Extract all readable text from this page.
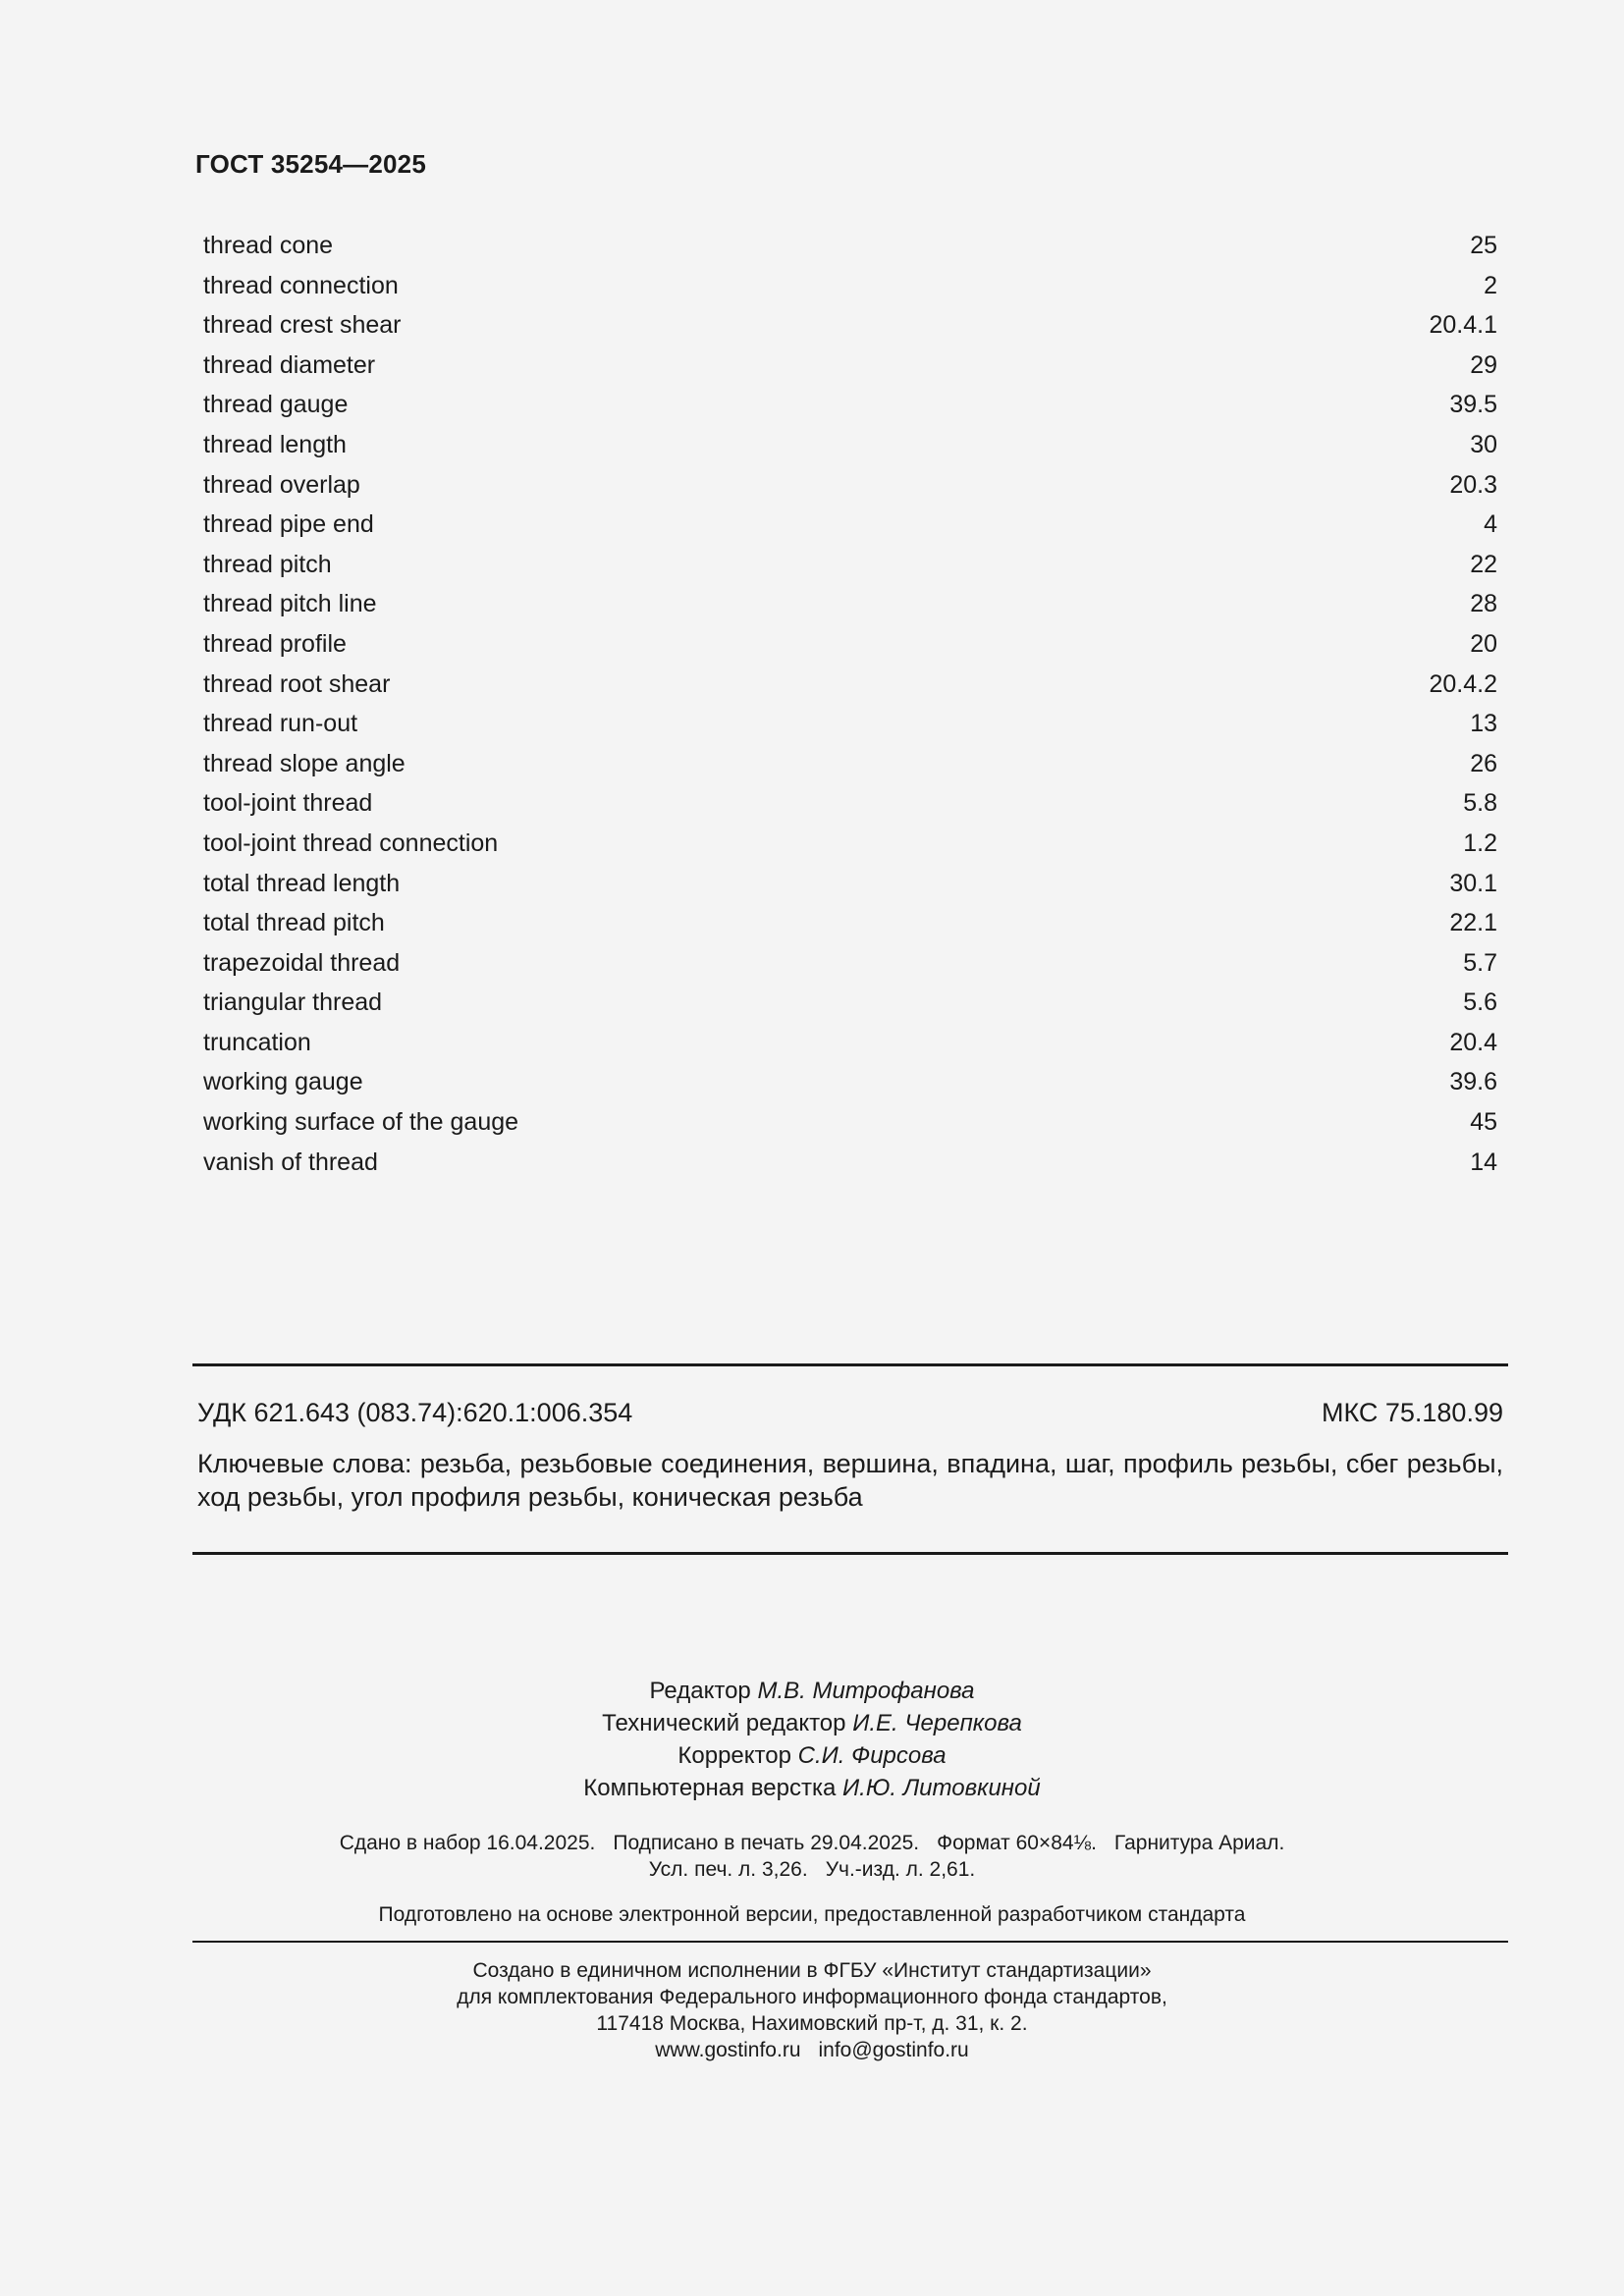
ГОСТ 35254—2025
thread cone	25
thread connection	2
thread crest shear	20.4.1
thread diameter	29
thread gauge	39.5
thread length	30
thread overlap	20.3
thread pipe end	4
thread pitch	22
thread pitch line	28
thread profile	20
thread root shear	20.4.2
thread run-out	13
thread slope angle	26
tool-joint thread	5.8
tool-joint thread connection	1.2
total thread length	30.1
total thread pitch	22.1
trapezoidal thread	5.7
triangular thread	5.6
truncation	20.4
working gauge	39.6
working surface of the gauge	45
vanish of thread	14
УДК 621.643 (083.74):620.1:006.354	МКС 75.180.99
Ключевые слова: резьба, резьбовые соединения, вершина, впадина, шаг, профиль резьбы, сбег резьбы, ход резьбы, угол профиля резьбы, коническая резьба
Редактор М.В. Митрофанова
Технический редактор И.Е. Черепкова
Корректор С.И. Фирсова
Компьютерная верстка И.Ю. Литовкиной
Сдано в набор 16.04.2025. Подписано в печать 29.04.2025. Формат 60×84⅛. Гарнитура Ариал.
Усл. печ. л. 3,26. Уч.-изд. л. 2,61.
Подготовлено на основе электронной версии, предоставленной разработчиком стандарта
Создано в единичном исполнении в ФГБУ «Институт стандартизации»
для комплектования Федерального информационного фонда стандартов,
117418 Москва, Нахимовский пр-т, д. 31, к. 2.
www.gostinfo.ru info@gostinfo.ru
